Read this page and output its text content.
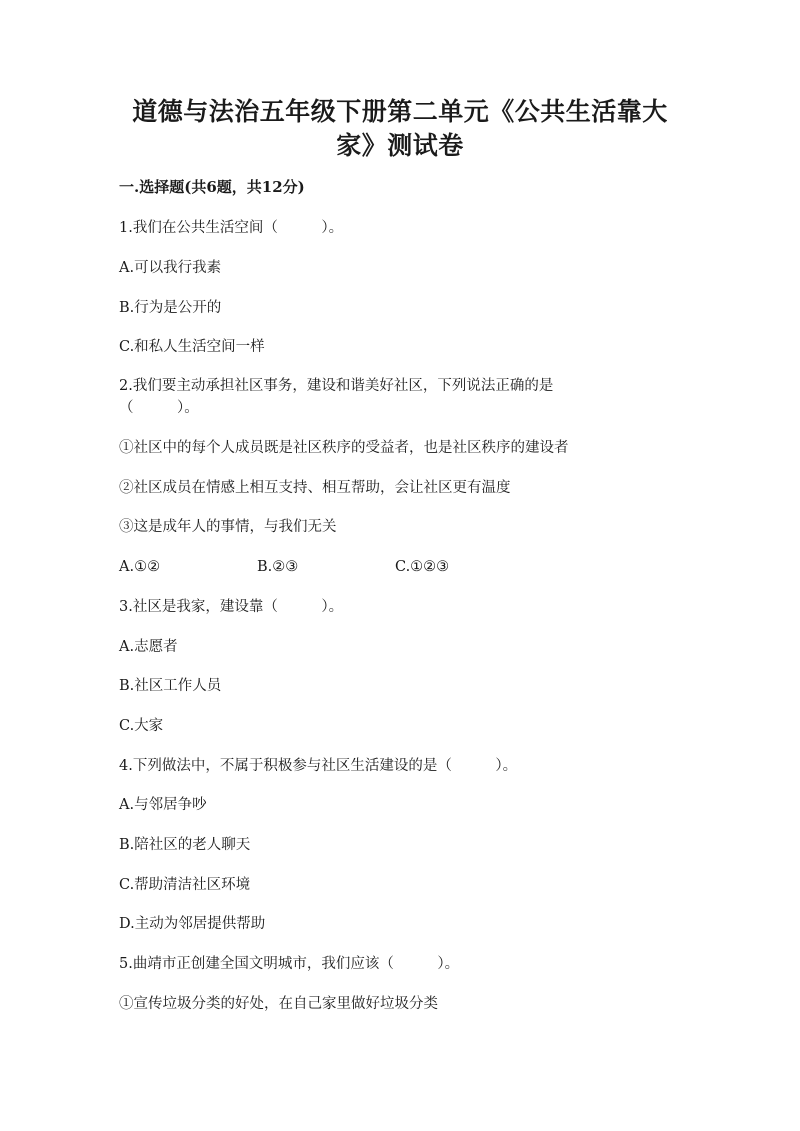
道德与法治五年级下册第二单元《公共生活靠大
家》测试卷
一.选择题(共6题，共12分)
1.我们在公共生活空间（　　　）。
A.可以我行我素
B.行为是公开的
C.和私人生活空间一样
2.我们要主动承担社区事务，建设和谐美好社区，下列说法正确的是
（　　　）。
①社区中的每个人成员既是社区秩序的受益者，也是社区秩序的建设者
②社区成员在情感上相互支持、相互帮助，会让社区更有温度
③这是成年人的事情，与我们无关
A.①②	B.②③	C.①②③
3.社区是我家，建设靠（　　　）。
A.志愿者
B.社区工作人员
C.大家
4.下列做法中，不属于积极参与社区生活建设的是（　　　）。
A.与邻居争吵
B.陪社区的老人聊天
C.帮助清洁社区环境
D.主动为邻居提供帮助
5.曲靖市正创建全国文明城市，我们应该（　　　）。
①宣传垃圾分类的好处，在自己家里做好垃圾分类
